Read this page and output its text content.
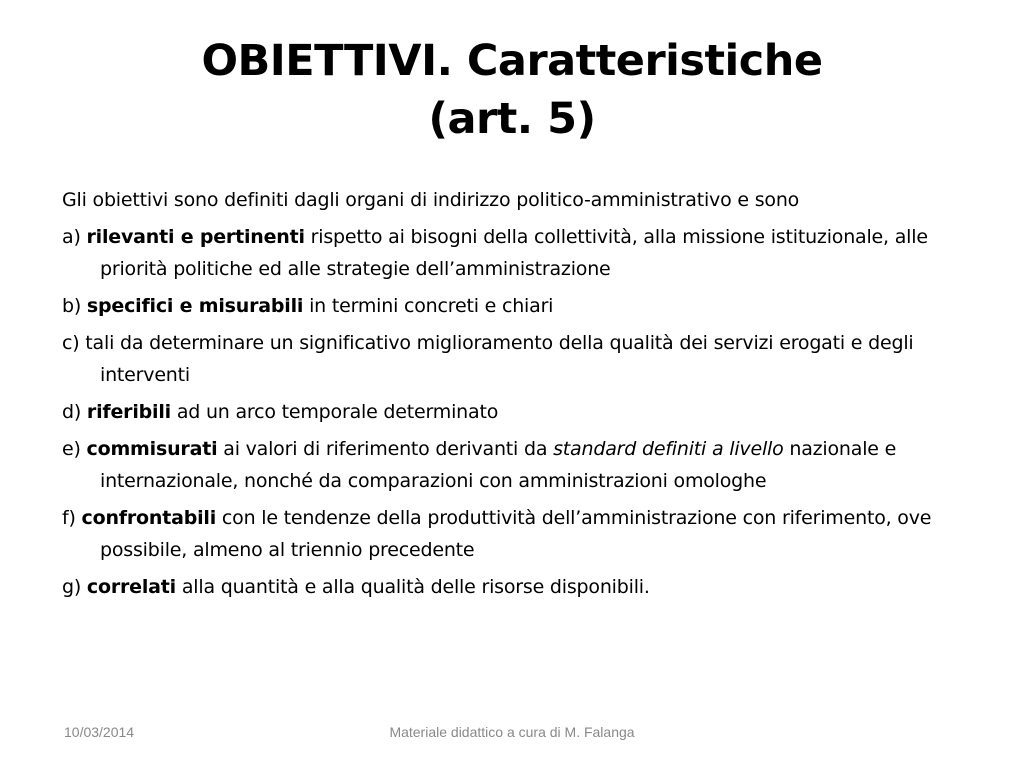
OBIETTIVI. Caratteristiche
(art. 5)

Gli obiettivi sono definiti dagli organi di indirizzo politico-amministrativo e sono

a) rilevanti e pertinenti rispetto ai bisogni della collettività, alla missione istituzionale, alle priorità politiche ed alle strategie dell’amministrazione

b) specifici e misurabili in termini concreti e chiari

c) tali da determinare un significativo miglioramento della qualità dei servizi erogati e degli interventi

d) riferibili ad un arco temporale determinato

e) commisurati ai valori di riferimento derivanti da standard definiti a livello nazionale e internazionale, nonché da comparazioni con amministrazioni omologhe

f) confrontabili con le tendenze della produttività dell’amministrazione con riferimento, ove possibile, almeno al triennio precedente

g) correlati alla quantità e alla qualità delle risorse disponibili.

10/03/2014	Materiale didattico a cura di M. Falanga
